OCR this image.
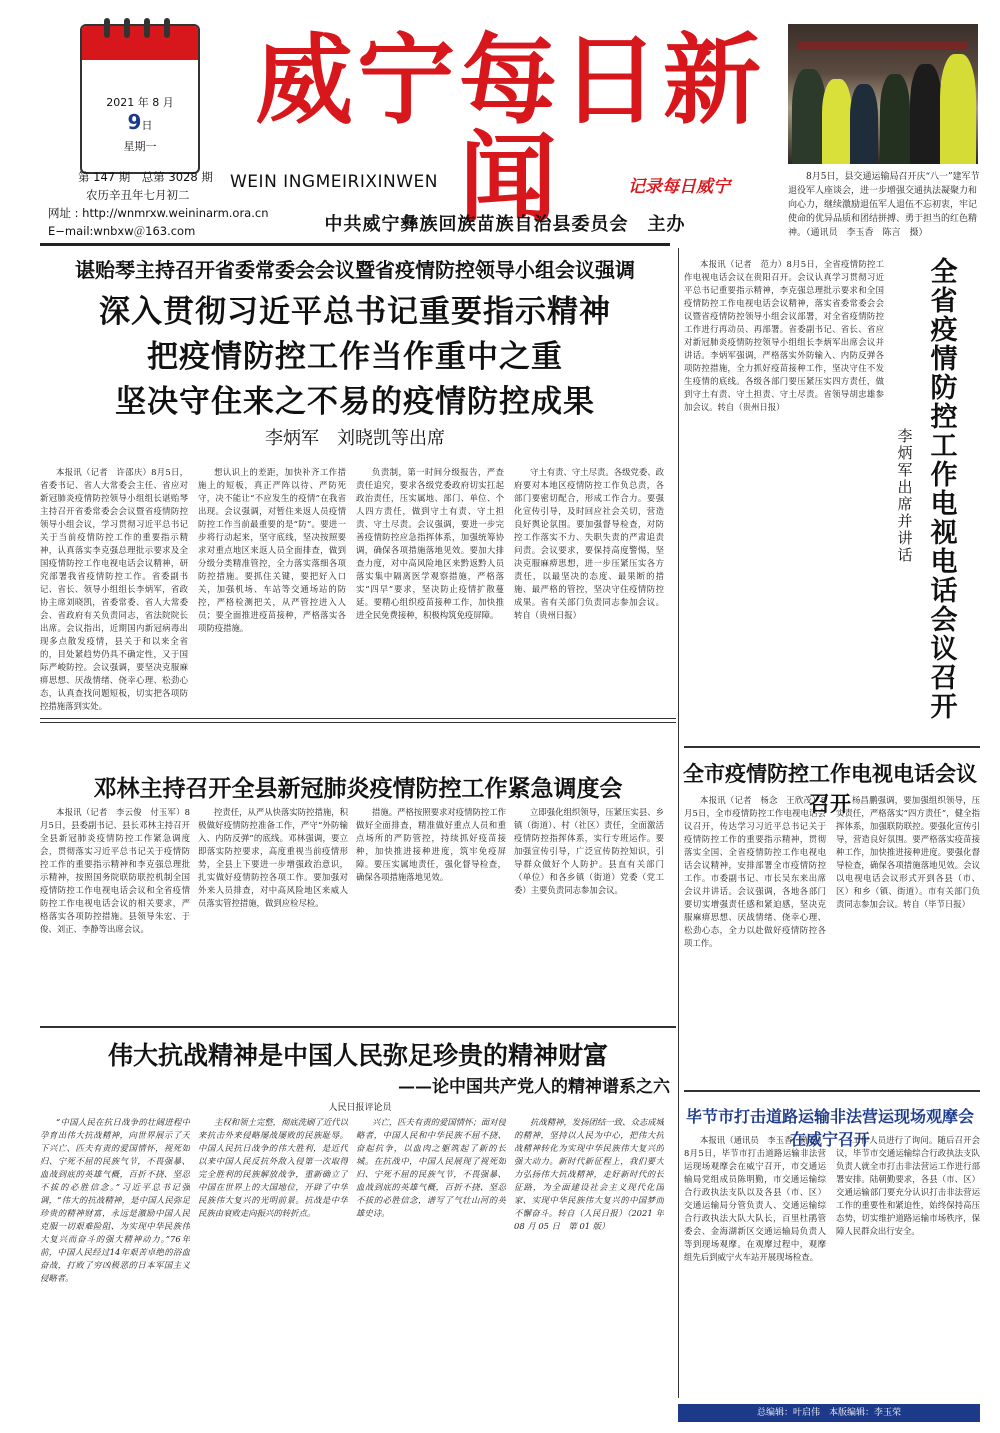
2021 年 8 月
9日
星期一
威宁每日新闻
WEIN INGMEIRIXINWEN	记录每日威宁
中共威宁彝族回族苗族自治县委员会　主办
第 147 期　总第 3028 期
农历辛丑年七月初二
网址 : http://wnmrxw.weininarm.ora.cn
E−mail:wnbxw＠163.com
8月5日，县交通运输局召开庆“八一”建军节退役军人座谈会，进一步增强交通执法凝聚力和向心力，继续激励退伍军人退伍不忘初衷，牢记使命的优异品质和团结拼搏、勇于担当的红色精神。（通讯员　李玉香　陈言　摄）
谌贻琴主持召开省委常委会会议暨省疫情防控领导小组会议强调
深入贯彻习近平总书记重要指示精神
把疫情防控工作当作重中之重
坚决守住来之不易的疫情防控成果
李炳军　刘晓凯等出席

本报讯（记者　许邵庆）8月5日，省委书记、省人大常委会主任、省应对新冠肺炎疫情防控领导小组组长谌贻琴主持召开省委常委会会议暨省疫情防控领导小组会议，学习贯彻习近平总书记关于当前疫情防控工作的重要指示精神，认真落实李克强总理批示要求及全国疫情防控工作电视电话会议精神，研究部署我省疫情防控工作。省委副书记、省长、领导小组组长李炳军，省政协主席刘晓凯，省委常委、省人大常委会、省政府有关负责同志，省法院院长出席。会议指出，近期国内新冠病毒出现多点散发疫情，县关于和以来全省的，目处紧趋势仍具不确定性，又于国际严峻防控。会议强调，要坚决克服麻痹思想、厌战情绪、侥幸心理、松劲心态，认真查找问题短板，切实把各项防控措施落到实处。

想认识上的差距，加快补齐工作措施上的短板，真正严阵以待、严防死守，决不能让“不应发生的疫情”在我省出现。会议强调，对暂住来返人员疫情防控工作当前最重要的是“防”。要进一步将行动起来，坚守底线，坚决按照要求对重点地区来返人员全面排查，做到分级分类精准管控，全力落实落细各项防控措施。要抓住关键，要把好入口关，加强机场、车站等交通场站的防控，严格检测把关，从严管控进入人员；要全面推进疫苗接种，严格落实各项防疫措施。

负责制，第一时间分级报告，严查责任追究，要求各级党委政府切实扛起政治责任，压实属地、部门、单位、个人四方责任，做到守土有责、守土担责、守土尽责。会议强调，要进一步完善疫情防控应急指挥体系，加强统筹协调，确保各项措施落地见效。要加大排查力度，对中高风险地区来黔返黔人员落实集中隔离医学观察措施，严格落实“四早”要求，坚决防止疫情扩散蔓延。要精心组织疫苗接种工作，加快推进全民免费接种，积极构筑免疫屏障。

守土有责、守土尽责。各级党委、政府要对本地区疫情防控工作负总责，各部门要密切配合，形成工作合力。要强化宣传引导，及时回应社会关切，营造良好舆论氛围。要加强督导检查，对防控工作落实不力、失职失责的严肃追责问责。会议要求，要保持高度警惕，坚决克服麻痹思想，进一步压紧压实各方责任，以最坚决的态度、最果断的措施、最严格的管控，坚决守住疫情防控成果。省有关部门负责同志参加会议。转自（贵州日报）

本报讯（记者　范力）8月5日，全省疫情防控工作电视电话会议在贵阳召开。会议认真学习贯彻习近平总书记重要指示精神，李克强总理批示要求和全国疫情防控工作电视电话会议精神，落实省委常委会会议暨省疫情防控领导小组会议部署，对全省疫情防控工作进行再动员、再部署。省委副书记、省长、省应对新冠肺炎疫情防控领导小组组长李炳军出席会议并讲话。李炳军强调，严格落实外防输入、内防反弹各项防控措施，全力抓好疫苗接种工作，坚决守住不发生疫情的底线。各级各部门要压紧压实四方责任，做到守土有责、守土担责、守土尽责。省领导胡忠雄参加会议。转自（贵州日报）

全省疫情防控工作电视电话会议召开
李炳军出席并讲话
邓林主持召开全县新冠肺炎疫情防控工作紧急调度会

本报讯（记者　李云俊　付玉军）8月5日，县委副书记、县长邓林主持召开全县新冠肺炎疫情防控工作紧急调度会，贯彻落实习近平总书记关于疫情防控工作的重要指示精神和李克强总理批示精神，按照国务院联防联控机制全国疫情防控工作电视电话会议和全省疫情防控工作电视电话会议的相关要求，严格落实各项防控措施。县领导朱宏、于俊、刘正、李静等出席会议。

控责任，从严从快落实防控措施，积极做好疫情防控准备工作，严守“外防输入、内防反弹”的底线。邓林强调，要立即落实防控要求，高度重视当前疫情形势，全县上下要进一步增强政治意识，扎实做好疫情防控各项工作。要加强对外来人员排查，对中高风险地区来威人员落实管控措施，做到应检尽检。

措施。严格按照要求对疫情防控工作做好全面排查，精准做好重点人员和重点场所的严防管控，持续抓好疫苗接种，加快推进接种进度，筑牢免疫屏障。要压实属地责任，强化督导检查，确保各项措施落地见效。

立即强化组织领导，压紧压实县、乡镇（街道）、村（社区）责任，全面激活疫情防控指挥体系，实行专班运作。要加强宣传引导，广泛宣传防控知识，引导群众做好个人防护。县直有关部门（单位）和各乡镇（街道）党委（党工委）主要负责同志参加会议。

伟大抗战精神是中国人民弥足珍贵的精神财富
——论中国共产党人的精神谱系之六
人民日报评论员

“中国人民在抗日战争的壮阔进程中孕育出伟大抗战精神，向世界展示了天下兴亡、匹夫有责的爱国情怀，视死如归、宁死不屈的民族气节，不畏强暴、血战到底的英雄气概，百折不挠、坚忍不拔的必胜信念。”习近平总书记强调，“伟大的抗战精神，是中国人民弥足珍贵的精神财富，永远是激励中国人民克服一切艰难险阻、为实现中华民族伟大复兴而奋斗的强大精神动力。”76年前，中国人民经过14年艰苦卓绝的浴血奋战，打败了穷凶极恶的日本军国主义侵略者。

主权和领土完整，彻底洗刷了近代以来抗击外来侵略屡战屡败的民族耻辱。中国人民抗日战争的伟大胜利，是近代以来中国人民反抗外敌入侵第一次取得完全胜利的民族解放战争，重新确立了中国在世界上的大国地位，开辟了中华民族伟大复兴的光明前景。抗战是中华民族由衰败走向振兴的转折点。

兴亡，匹夫有责的爱国情怀；面对侵略者，中国人民和中华民族不屈不挠、奋起抗争，以血肉之躯筑起了新的长城。在抗战中，中国人民展现了视死如归、宁死不屈的民族气节，不畏强暴、血战到底的英雄气概，百折不挠、坚忍不拔的必胜信念，谱写了气壮山河的英雄史诗。

抗战精神，发扬团结一致、众志成城的精神，坚持以人民为中心，把伟大抗战精神转化为实现中华民族伟大复兴的强大动力。新时代新征程上，我们要大力弘扬伟大抗战精神，走好新时代的长征路，为全面建设社会主义现代化国家、实现中华民族伟大复兴的中国梦而不懈奋斗。转自（人民日报）（2021 年 08 月 05 日　第 01 版）

全市疫情防控工作电视电话会议召开

本报讯（记者　杨念　王欣茂）8月5日，全市疫情防控工作电视电话会议召开，传达学习习近平总书记关于疫情防控工作的重要指示精神，贯彻落实全国、全省疫情防控工作电视电话会议精神，安排部署全市疫情防控工作。市委副书记、市长吴东来出席会议并讲话。会议强调，各地各部门要切实增强责任感和紧迫感，坚决克服麻痹思想、厌战情绪、侥幸心理、松劲心态，全力以赴做好疫情防控各项工作。

杨昌鹏强调，要加强组织领导，压实责任，严格落实“四方责任”，健全指挥体系，加强联防联控。要强化宣传引导，营造良好氛围。要严格落实疫苗接种工作，加快推进接种进度。要强化督导检查，确保各项措施落地见效。会议以电视电话会议形式开到各县（市、区）和乡（镇、街道）。市有关部门负责同志参加会议。转自（毕节日报）

毕节市打击道路运输非法营运现场观摩会在威宁召开

本报讯（通讯员　李玉香　陈言）8月5日，毕节市打击道路运输非法营运现场观摩会在威宁召开，市交通运输局党组成员陈明勤，市交通运输综合行政执法支队以及各县（市、区）交通运输局分管负责人、交通运输综合行政执法大队大队长，百里杜鹃管委会、金海湖新区交通运输局负责人等到现场观摩。在观摩过程中，观摩组先后到威宁火车站开展现场检查。

工作人员进行了询问。随后召开会议，毕节市交通运输综合行政执法支队负责人就全市打击非法营运工作进行部署安排。陆朝勤要求，各县（市、区）交通运输部门要充分认识打击非法营运工作的重要性和紧迫性，始终保持高压态势，切实维护道路运输市场秩序，保障人民群众出行安全。

总编辑：叶启伟　本版编辑：李玉荣
